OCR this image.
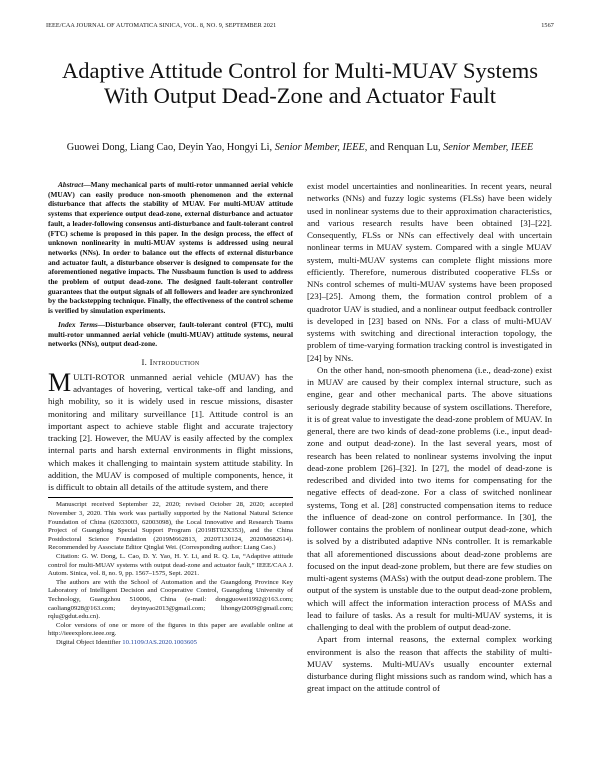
IEEE/CAA JOURNAL OF AUTOMATICA SINICA, VOL. 8, NO. 9, SEPTEMBER 2021	1567
Adaptive Attitude Control for Multi-MUAV Systems With Output Dead-Zone and Actuator Fault
Guowei Dong, Liang Cao, Deyin Yao, Hongyi Li, Senior Member, IEEE, and Renquan Lu, Senior Member, IEEE

Abstract—Many mechanical parts of multi-rotor unmanned aerial vehicle (MUAV) can easily produce non-smooth phenomenon and the external disturbance that affects the stability of MUAV. For multi-MUAV attitude systems that experience output dead-zone, external disturbance and actuator fault, a leader-following consensus anti-disturbance and fault-tolerant control (FTC) scheme is proposed in this paper. In the design process, the effect of unknown nonlinearity in multi-MUAV systems is addressed using neural networks (NNs). In order to balance out the effects of external disturbance and actuator fault, a disturbance observer is designed to compensate for the aforementioned negative impacts. The Nussbaum function is used to address the problem of output dead-zone. The designed fault-tolerant controller guarantees that the output signals of all followers and leader are synchronized by the backstepping technique. Finally, the effectiveness of the control scheme is verified by simulation experiments.

Index Terms—Disturbance observer, fault-tolerant control (FTC), multi multi-rotor unmanned aerial vehicle (multi-MUAV) attitude systems, neural networks (NNs), output dead-zone.

I. Introduction

MULTI-ROTOR unmanned aerial vehicle (MUAV) has the advantages of hovering, vertical take-off and landing, and high mobility, so it is widely used in rescue missions, disaster monitoring and military surveillance [1]. Attitude control is an important aspect to achieve stable flight and accurate trajectory tracking [2]. However, the MUAV is easily affected by the complex internal parts and harsh external environments in flight missions, which makes it challenging to maintain system attitude stability. In addition, the MUAV is composed of multiple components, hence, it is difficult to obtain all details of the attitude system, and there

Manuscript received September 22, 2020; revised October 28, 2020; accepted November 3, 2020. This work was partially supported by the National Natural Science Foundation of China (62033003, 62003098), the Local Innovative and Research Teams Project of Guangdong Special Support Program (2019BT02X353), and the China Postdoctoral Science Foundation (2019M662813, 2020T130124, 2020M682614). Recommended by Associate Editor Qinglai Wei. (Corresponding author: Liang Cao.)

Citation: G. W. Dong, L. Cao, D. Y. Yao, H. Y. Li, and R. Q. Lu, “Adaptive attitude control for multi-MUAV systems with output dead-zone and actuator fault,” IEEE/CAA J. Autom. Sinica, vol. 8, no. 9, pp. 1567–1575, Sept. 2021.

The authors are with the School of Automation and the Guangdong Province Key Laboratory of Intelligent Decision and Cooperative Control, Guangdong University of Technology, Guangzhou 510006, China (e-mail: dongguowei1992@163.com; caoliang0928@163.com; deyinyao2013@gmail.com; lihongyi2009@gmail.com; rqlu@gdut.edu.cn).

Color versions of one or more of the figures in this paper are available online at http://ieeexplore.ieee.org.

Digital Object Identifier 10.1109/JAS.2020.1003605

exist model uncertainties and nonlinearities. In recent years, neural networks (NNs) and fuzzy logic systems (FLSs) have been widely used in nonlinear systems due to their approximation characteristics, and various research results have been obtained [3]–[22]. Consequently, FLSs or NNs can effectively deal with uncertain nonlinear terms in MUAV system. Compared with a single MUAV system, multi-MUAV systems can complete flight missions more efficiently. Therefore, numerous distributed cooperative FLSs or NNs control schemes of multi-MUAV systems have been proposed [23]–[25]. Among them, the formation control problem of a quadrotor UAV is studied, and a nonlinear output feedback controller is developed in [23] based on NNs. For a class of multi-MUAV systems with switching and directional interaction topology, the problem of time-varying formation tracking control is investigated in [24] by NNs.

On the other hand, non-smooth phenomena (i.e., dead-zone) exist in MUAV are caused by their complex internal structure, such as engine, gear and other mechanical parts. The above situations seriously degrade stability because of system oscillations. Therefore, it is of great value to investigate the dead-zone problem of MUAV. In general, there are two kinds of dead-zone problems (i.e., input dead-zone and output dead-zone). In the last several years, most of research has been related to nonlinear systems involving the input dead-zone problem [26]–[32]. In [27], the model of dead-zone is redescribed and divided into two items for compensating for the negative effects of dead-zone. For a class of switched nonlinear systems, Tong et al. [28] constructed compensation items to reduce the influence of dead-zone on control performance. In [30], the follower contains the problem of nonlinear output dead-zone, which is solved by a distributed adaptive NNs controller. It is remarkable that all aforementioned discussions about dead-zone problems are focused on the input dead-zone problem, but there are few studies on multi-agent systems (MASs) with the output dead-zone problem. The output of the system is unstable due to the output dead-zone problem, which will affect the information interaction process of MASs and lead to failure of tasks. As a result for multi-MUAV systems, it is challenging to deal with the problem of output dead-zone.

Apart from internal reasons, the external complex working environment is also the reason that affects the stability of multi-MUAV systems. Multi-MUAVs usually encounter external disturbance during flight missions such as random wind, which has a great impact on the attitude control of
